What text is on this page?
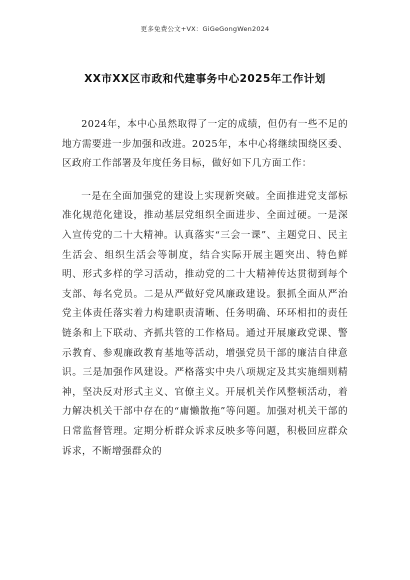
更多免费公文+VX：GiGeGongWen2024
XX市XX区市政和代建事务中心2025年工作计划

2024年，本中心虽然取得了一定的成绩，但仍有一些不足的地方需要进一步加强和改进。2025年，本中心将继续围绕区委、区政府工作部署及年度任务目标，做好如下几方面工作：

一是在全面加强党的建设上实现新突破。全面推进党支部标准化规范化建设，推动基层党组织全面进步、全面过硬。一是深入宣传党的二十大精神。认真落实“三会一课”、主题党日、民主生活会、组织生活会等制度，结合实际开展主题突出、特色鲜明、形式多样的学习活动，推动党的二十大精神传达贯彻到每个支部、每名党员。二是从严做好党风廉政建设。狠抓全面从严治党主体责任落实着力构建职责清晰、任务明确、环环相扣的责任链条和上下联动、齐抓共管的工作格局。通过开展廉政党课、警示教育、参观廉政教育基地等活动，增强党员干部的廉洁自律意识。三是加强作风建设。严格落实中央八项规定及其实施细则精神，坚决反对形式主义、官僚主义。开展机关作风整顿活动，着力解决机关干部中存在的“庸懒散拖”等问题。加强对机关干部的日常监督管理。定期分析群众诉求反映多等问题，积极回应群众诉求，不断增强群众的
